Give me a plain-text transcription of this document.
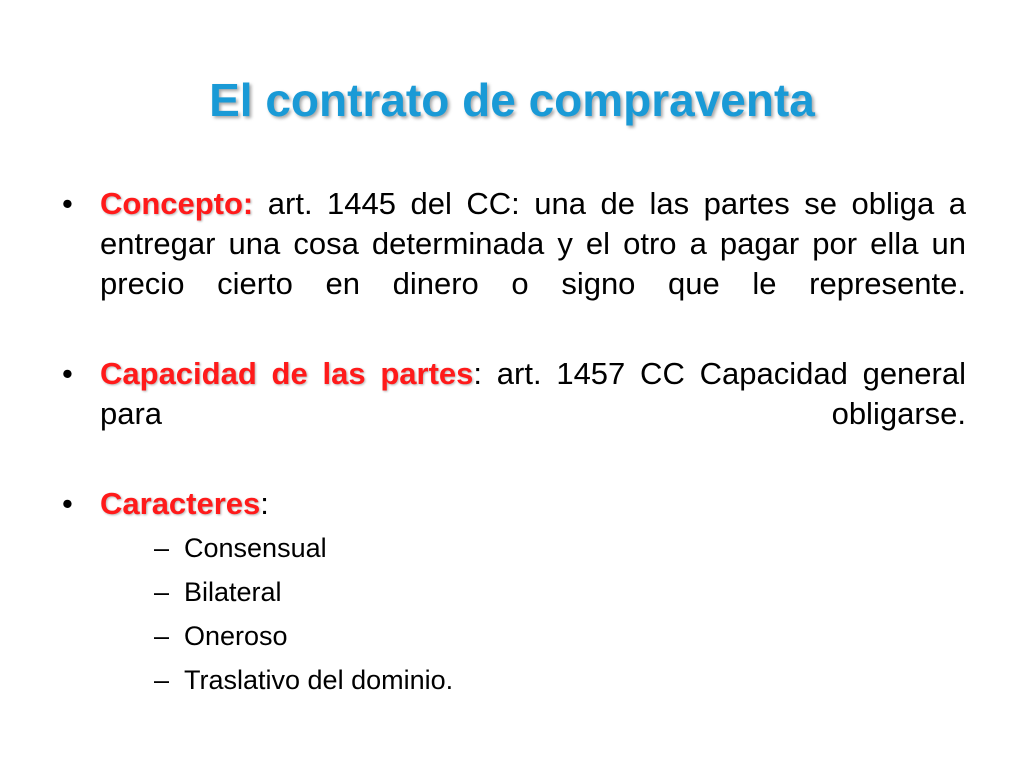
El contrato de compraventa
• Concepto: art. 1445 del CC: una de las partes se obliga a entregar una cosa determinada y el otro a pagar por ella un precio cierto en dinero o signo que le represente.
• Capacidad de las partes: art. 1457 CC Capacidad general para obligarse.
• Caracteres:
– Consensual
– Bilateral
– Oneroso
– Traslativo del dominio.
